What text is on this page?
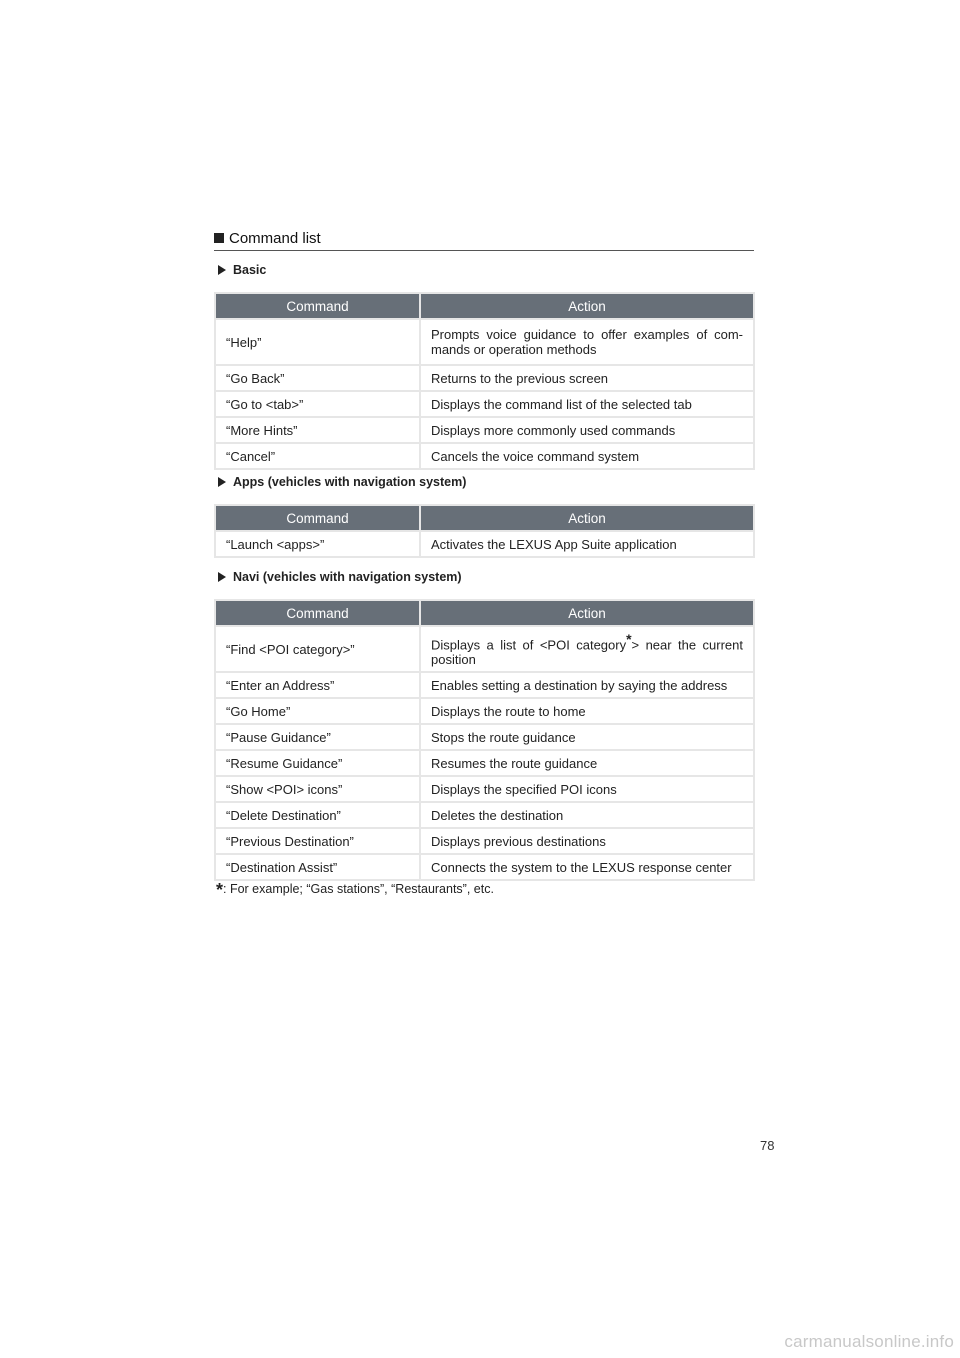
Command list
Basic
Command	Action
“Help”	Prompts voice guidance to offer examples of com- mands or operation methods
“Go Back”	Returns to the previous screen
“Go to <tab>”	Displays the command list of the selected tab
“More Hints”	Displays more commonly used commands
“Cancel”	Cancels the voice command system
Apps (vehicles with navigation system)
Command	Action
“Launch <apps>”	Activates the LEXUS App Suite application
Navi (vehicles with navigation system)
Command	Action
“Find <POI category>”	Displays a list of <POI category*> near the current position
“Enter an Address”	Enables setting a destination by saying the address
“Go Home”	Displays the route to home
“Pause Guidance”	Stops the route guidance
“Resume Guidance”	Resumes the route guidance
“Show <POI> icons”	Displays the specified POI icons
“Delete Destination”	Deletes the destination
“Previous Destination”	Displays previous destinations
“Destination Assist”	Connects the system to the LEXUS response center
*: For example; “Gas stations”, “Restaurants”, etc.
78
carmanualsonline.info
